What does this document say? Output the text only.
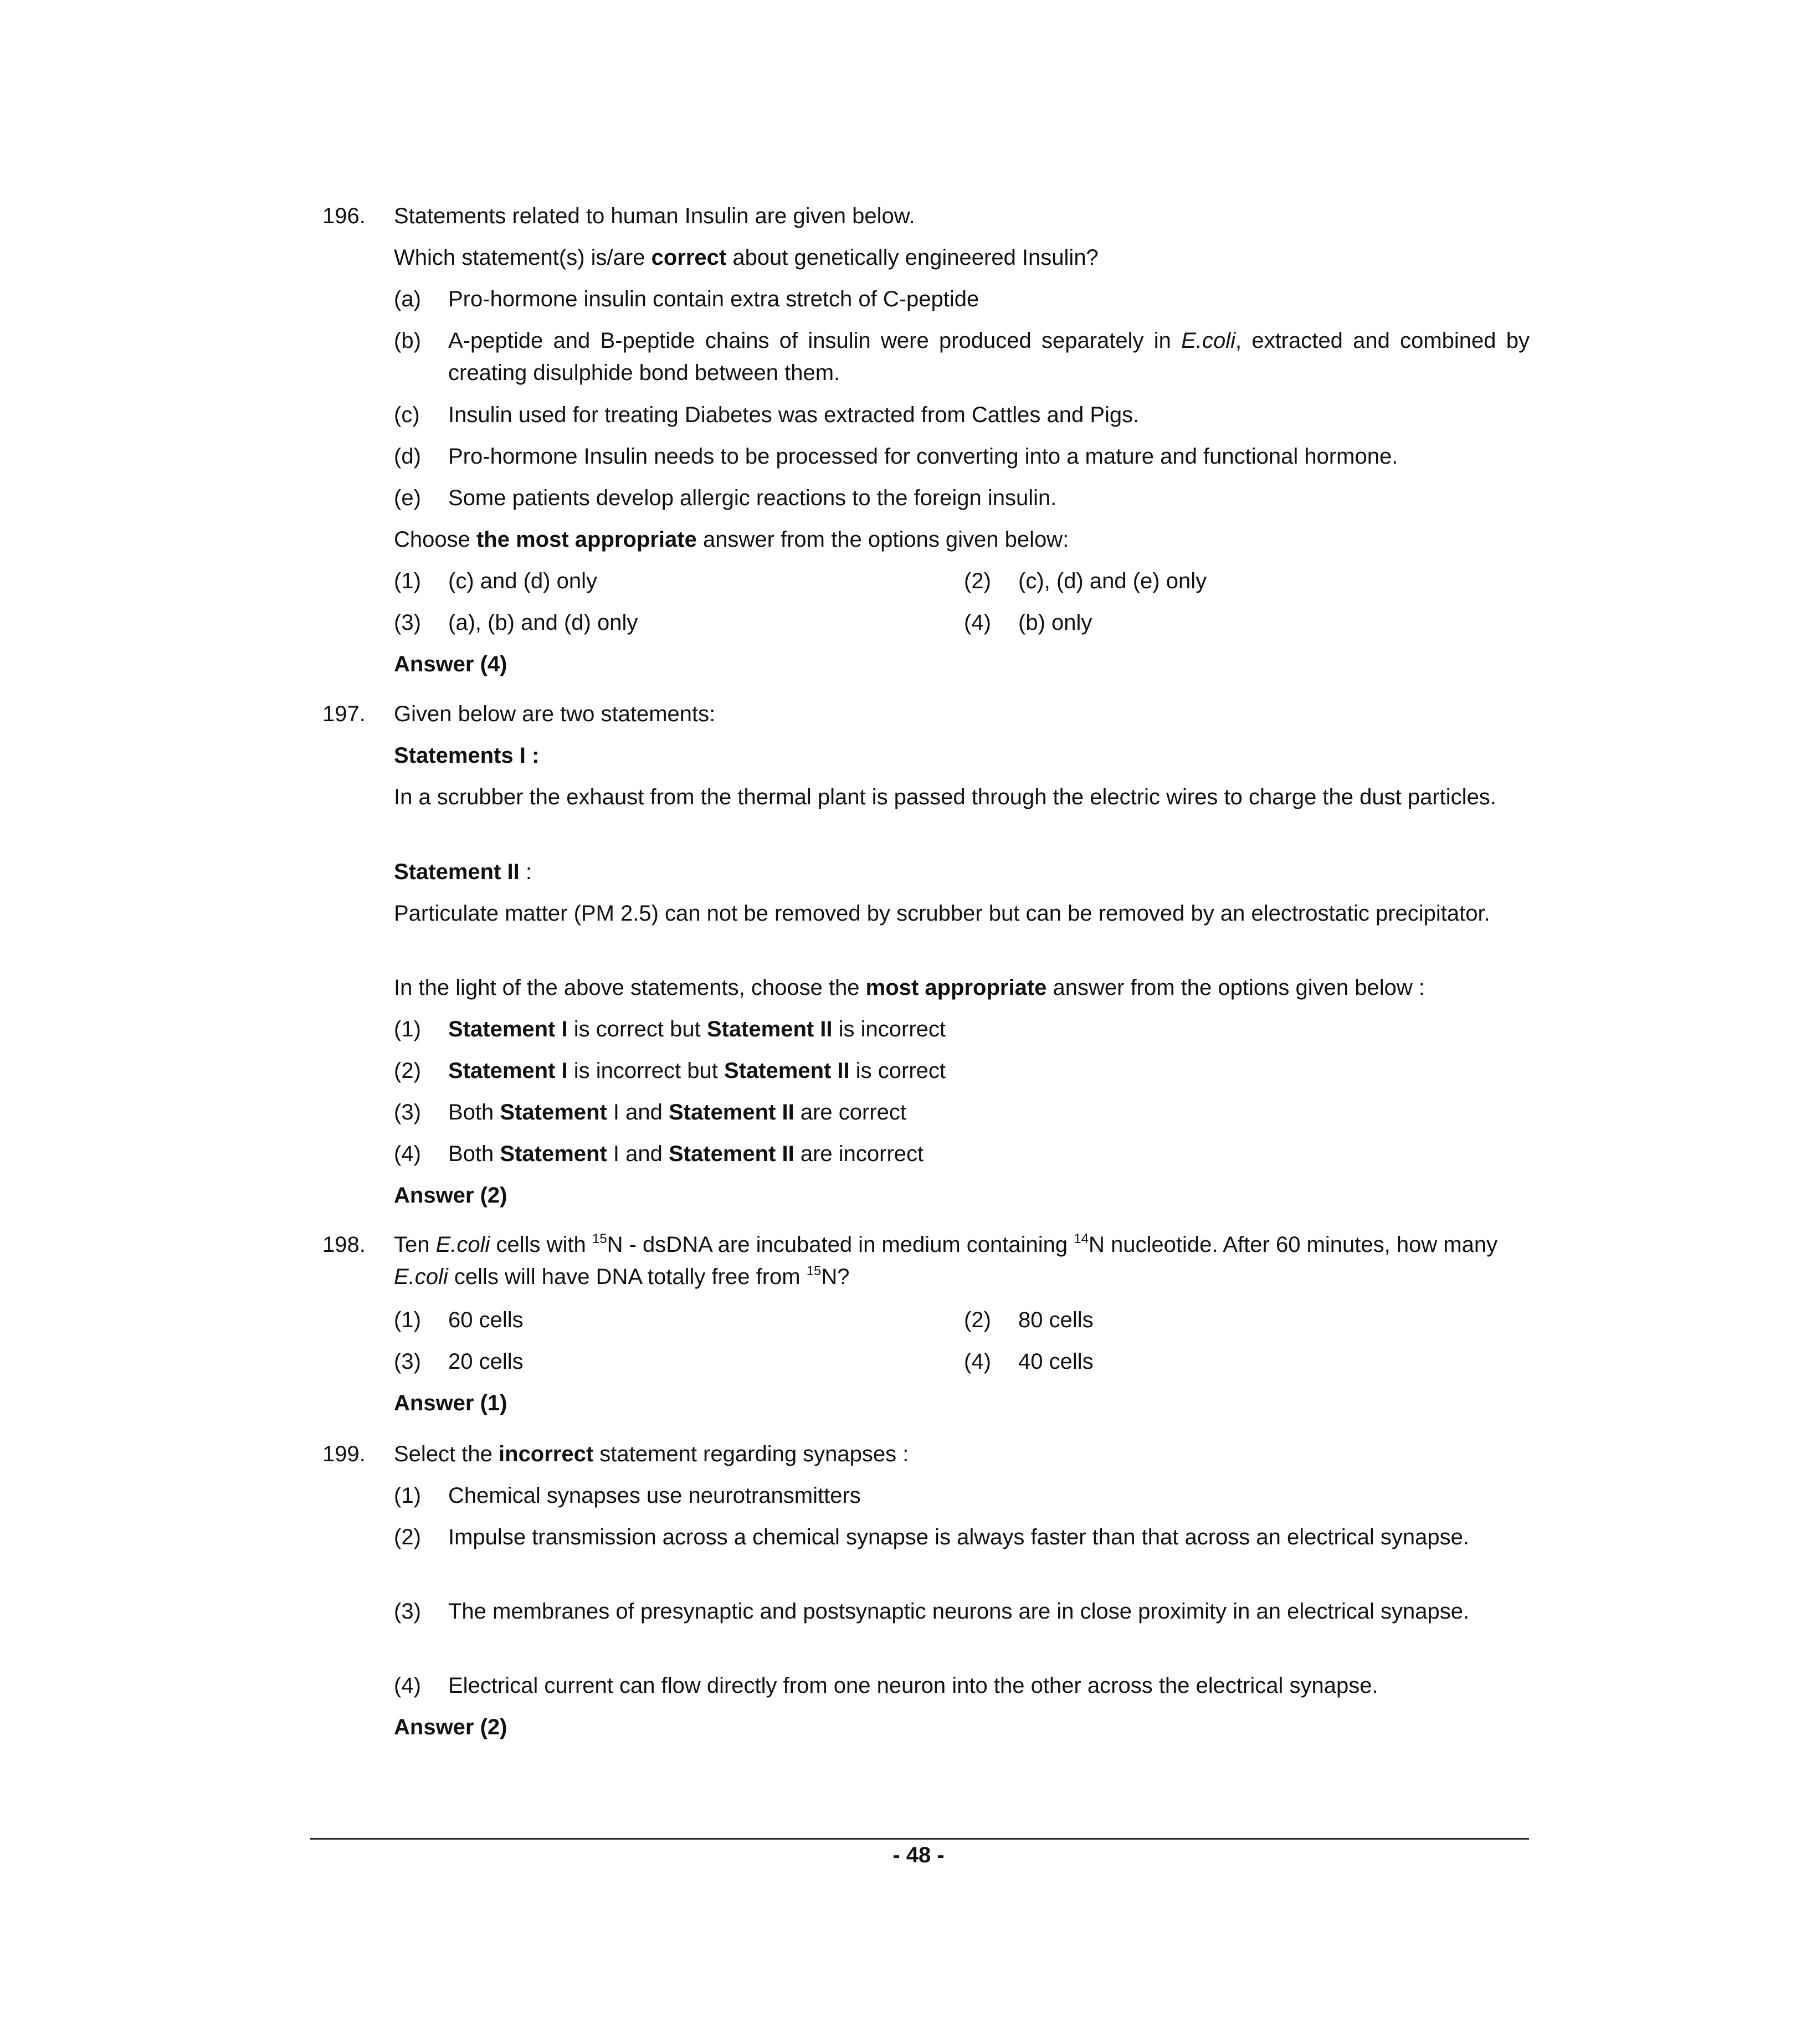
196. Statements related to human Insulin are given below.
Which statement(s) is/are correct about genetically engineered Insulin?
(a) Pro-hormone insulin contain extra stretch of C-peptide
(b) A-peptide and B-peptide chains of insulin were produced separately in E.coli, extracted and combined by creating disulphide bond between them.
(c) Insulin used for treating Diabetes was extracted from Cattles and Pigs.
(d) Pro-hormone Insulin needs to be processed for converting into a mature and functional hormone.
(e) Some patients develop allergic reactions to the foreign insulin.
Choose the most appropriate answer from the options given below:
(1) (c) and (d) only	(2) (c), (d) and (e) only
(3) (a), (b) and (d) only	(4) (b) only
Answer (4)
197. Given below are two statements:
Statements I :
In a scrubber the exhaust from the thermal plant is passed through the electric wires to charge the dust particles.
Statement II :
Particulate matter (PM 2.5) can not be removed by scrubber but can be removed by an electrostatic precipitator.
In the light of the above statements, choose the most appropriate answer from the options given below :
(1) Statement I is correct but Statement II is incorrect
(2) Statement I is incorrect but Statement II is correct
(3) Both Statement I and Statement II are correct
(4) Both Statement I and Statement II are incorrect
Answer (2)
198. Ten E.coli cells with $^{15}$N - dsDNA are incubated in medium containing $^{14}$N nucleotide. After 60 minutes, how many E.coli cells will have DNA totally free from $^{15}$N?
(1) 60 cells	(2) 80 cells
(3) 20 cells	(4) 40 cells
Answer (1)
199. Select the incorrect statement regarding synapses :
(1) Chemical synapses use neurotransmitters
(2) Impulse transmission across a chemical synapse is always faster than that across an electrical synapse.
(3) The membranes of presynaptic and postsynaptic neurons are in close proximity in an electrical synapse.
(4) Electrical current can flow directly from one neuron into the other across the electrical synapse.
Answer (2)
- 48 -
